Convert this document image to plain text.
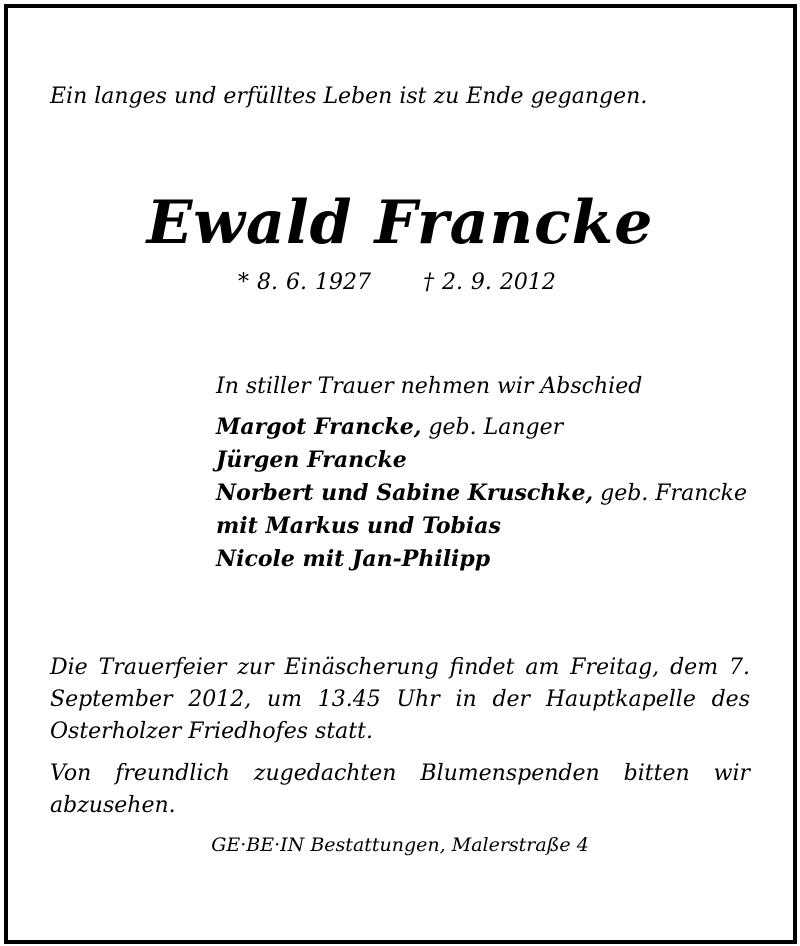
Ein langes und erfülltes Leben ist zu Ende gegangen.

Ewald Francke

* 8. 6. 1927 † 2. 9. 2012

In stiller Trauer nehmen wir Abschied

Margot Francke, geb. Langer

Jürgen Francke

Norbert und Sabine Kruschke, geb. Francke

mit Markus und Tobias

Nicole mit Jan-Philipp

Die Trauerfeier zur Einäscherung findet am Freitag, dem 7. September 2012, um 13.45 Uhr in der Hauptkapelle des Osterholzer Friedhofes statt.

Von freundlich zugedachten Blumenspenden bitten wir abzusehen.

GE·BE·IN Bestattungen, Malerstraße 4
